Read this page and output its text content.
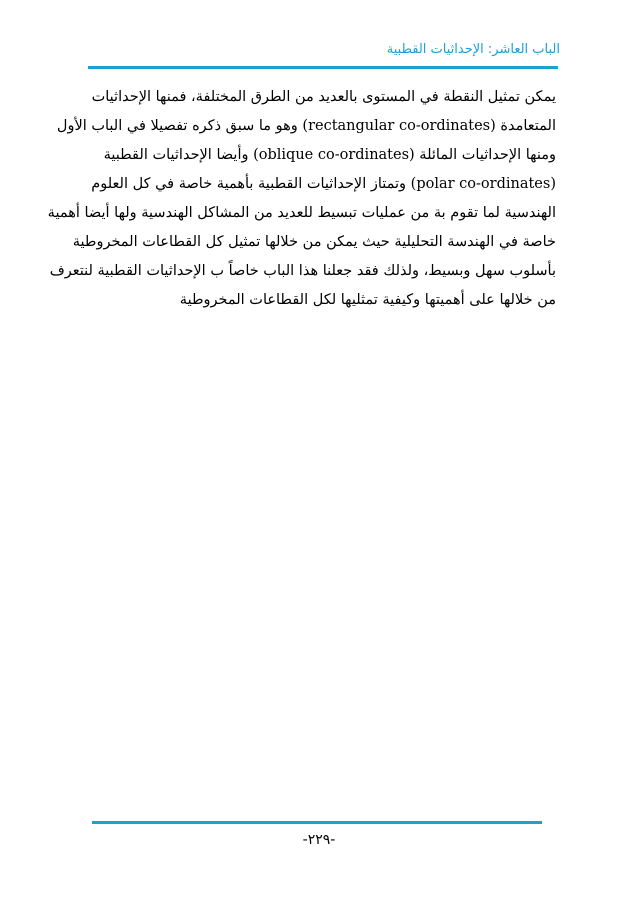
الباب العاشر: الإحداثيات القطبية
يمكن تمثيل النقطة في المستوى بالعديد من الطرق المختلفة، فمنها الإحداثيات
المتعامدة (rectangular co-ordinates) وهو ما سبق ذكره تفصيلا في الباب الأول
ومنها الإحداثيات المائلة (oblique co-ordinates) وأيضا الإحداثيات القطبية
(polar co-ordinates) وتمتاز الإحداثيات القطبية بأهمية خاصة في كل العلوم
الهندسية لما تقوم بة من عمليات تبسيط للعديد من المشاكل الهندسية ولها أيضا أهمية
خاصة في الهندسة التحليلية حيث يمكن من خلالها تمثيل كل القطاعات المخروطية
بأسلوب سهل وبسيط، ولذلك فقد جعلنا هذا الباب خاصاً ب الإحداثيات القطبية لنتعرف
من خلالها على أهميتها وكيفية تمثليها لكل القطاعات المخروطية
-٢٢٩-
